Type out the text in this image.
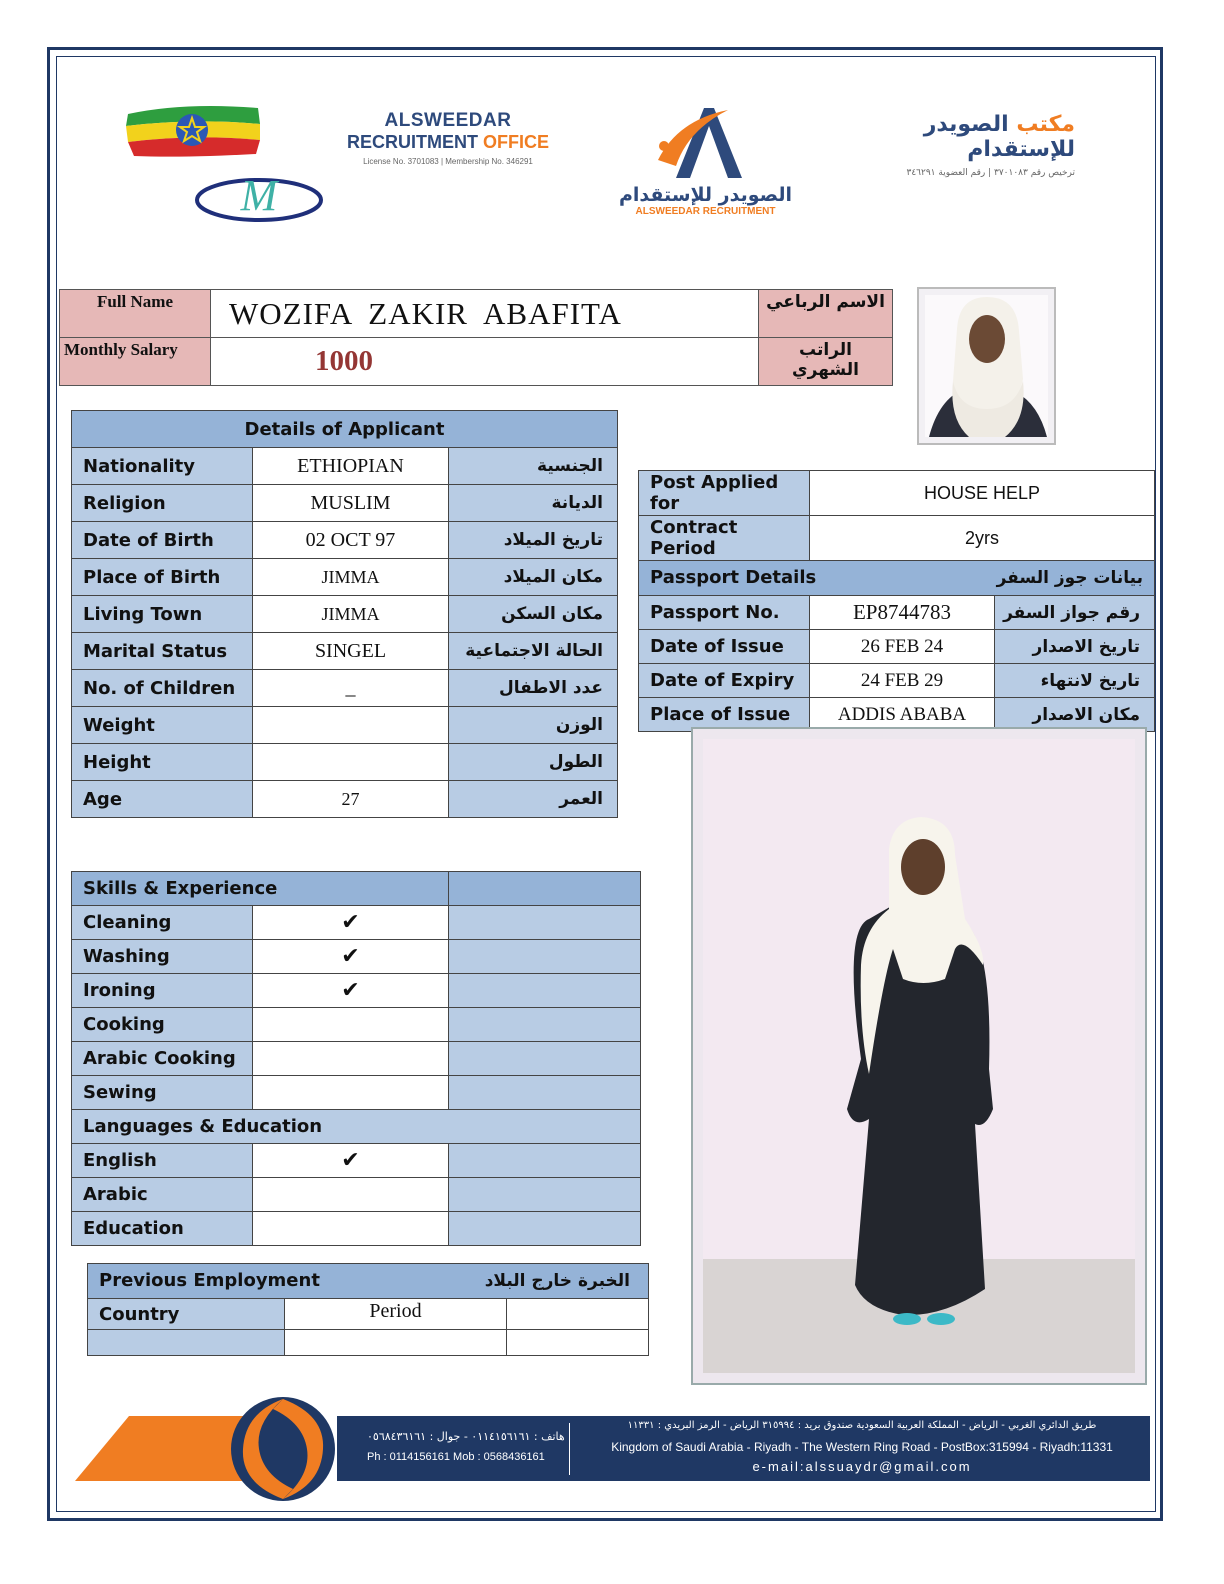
M
ALSWEEDAR
RECRUITMENT OFFICE
License No. 3701083 | Membership No. 346291
الصويدر للإستقدام
ALSWEEDAR RECRUITMENT
مكتب الصويدر للإستقدام
ترخيص رقم ٣٧٠١٠٨٣ | رقم العضوية ٣٤٦٢٩١
Full Name	WOZIFA ZAKIR ABAFITA	الاسم الرباعي
Monthly Salary	1000	الراتب الشهري
Details of Applicant		
Nationality	ETHIOPIAN	الجنسية
Religion	MUSLIM	الديانة
Date of Birth	02 OCT 97	تاريخ الميلاد
Place of Birth	JIMMA	مكان الميلاد
Living Town	JIMMA	مكان السكن
Marital Status	SINGEL	الحالة الاجتماعية
No. of Children	_	عدد الاطفال
Weight		الوزن
Height		الطول
Age	27	العمر
Post Applied for	HOUSE HELP	
Contract Period	2yrs	

Passport Details بيانات جوز السفر		

Passport No.	EP8744783	رقم جواز السفر
Date of Issue	26 FEB 24	تاريخ الاصدار
Date of Expiry	24 FEB 29	تاريخ لانتهاء
Place of Issue	ADDIS ABABA	مكان الاصدار
Skills & Experience		
Cleaning	✔	
Washing	✔	
Ironing	✔	
Cooking		
Arabic Cooking		
Sewing		
Languages & Education		
English	✔	
Arabic		
Education		
Previous Employment الخبرة خارج البلاد		

Country	Period	

هاتف : ٠١١٤١٥٦١٦١ - جوال : ٠٥٦٨٤٣٦١٦١
Ph : 0114156161 Mob : 0568436161
طريق الدائري الغربي - الرياض - المملكة العربية السعودية صندوق بريد : ٣١٥٩٩٤ الرياض - الرمز البريدي : ١١٣٣١
Kingdom of Saudi Arabia - Riyadh - The Western Ring Road - PostBox:315994 - Riyadh:11331
e-mail:alssuaydr@gmail.com
